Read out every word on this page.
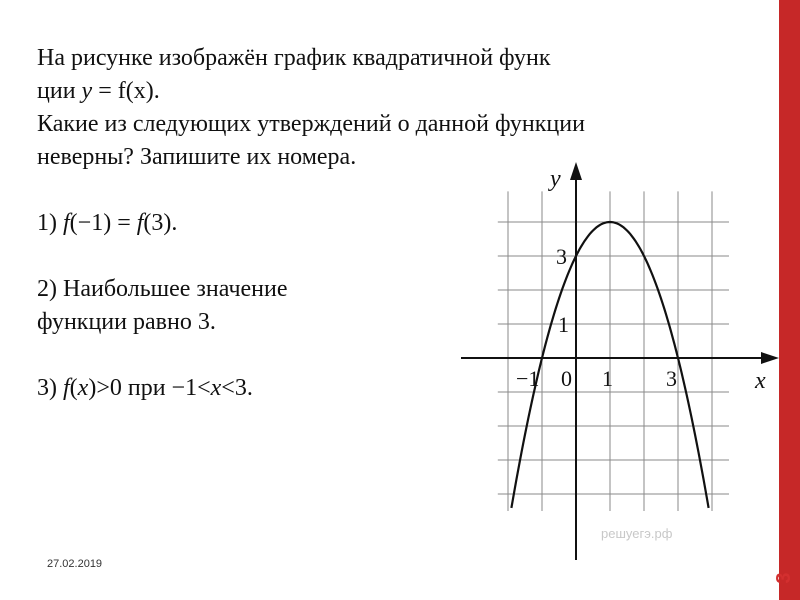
3

На рисунке изображён график квадратичной функ

ции y = f(x).

Какие из следующих утверждений о данной функции

неверны? Запишите их номера.

1) f(−1) = f(3).

2) Наибольшее значение
функции равно 3.

3) f(x)>0 при −1<x<3.

27.02.2019
−1 0 1 3
1
3
x
y
решуегэ.рф
